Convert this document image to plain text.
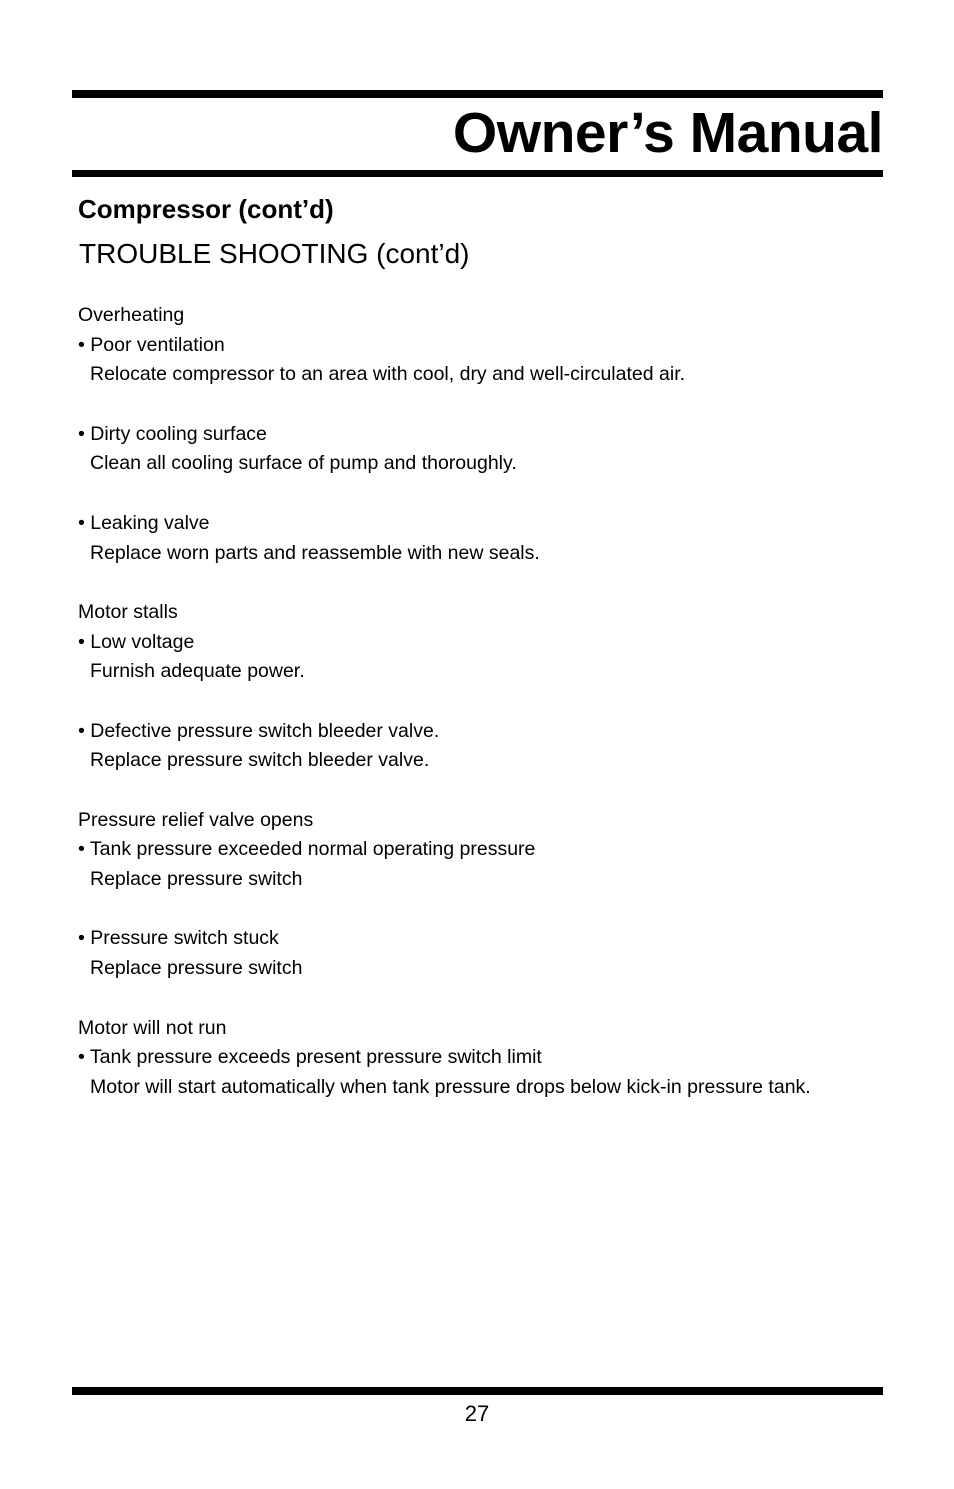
Owner’s Manual
Compressor (cont’d)
TROUBLE SHOOTING (cont’d)
Overheating
• Poor ventilation
Relocate compressor to an area with cool, dry and well-circulated air.
• Dirty cooling surface
Clean all cooling surface of pump and thoroughly.
• Leaking valve
Replace worn parts and reassemble with new seals.
Motor stalls
• Low voltage
Furnish adequate power.
• Defective pressure switch bleeder valve.
Replace pressure switch bleeder valve.
Pressure relief valve opens
• Tank pressure exceeded normal operating pressure
Replace pressure switch
• Pressure switch stuck
Replace pressure switch
Motor will not run
• Tank pressure exceeds present pressure switch limit
Motor will start automatically when tank pressure drops below kick-in pressure tank.
27
